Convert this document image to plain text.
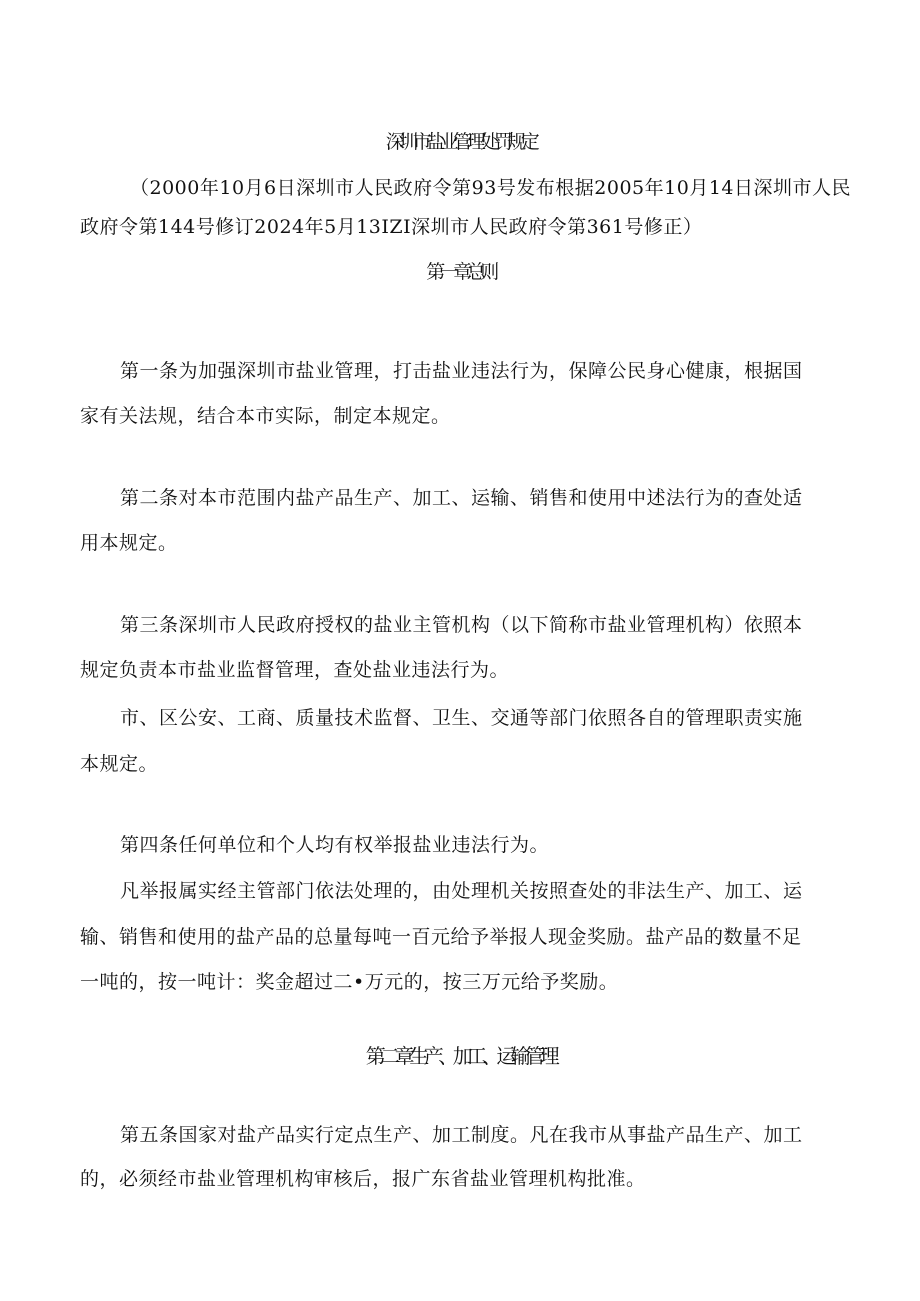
深圳市盐业管理处罚规定
（2000年10月6日深圳市人民政府令第93号发布根据2005年10月14日深圳市人民
政府令第144号修订2024年5月13IZI深圳市人民政府令第361号修正）
第一章总则
第一条为加强深圳市盐业管理，打击盐业违法行为，保障公民身心健康，根据国
家有关法规，结合本市实际，制定本规定。
第二条对本市范围内盐产品生产、加工、运输、销售和使用中述法行为的查处适
用本规定。
第三条深圳市人民政府授权的盐业主管机构（以下简称市盐业管理机构）依照本
规定负责本市盐业监督管理，查处盐业违法行为。
市、区公安、工商、质量技术监督、卫生、交通等部门依照各自的管理职责实施
本规定。
第四条任何单位和个人均有权举报盐业违法行为。
凡举报属实经主管部门依法处理的，由处理机关按照查处的非法生产、加工、运
输、销售和使用的盐产品的总量每吨一百元给予举报人现金奖励。盐产品的数量不足
一吨的，按一吨计：奖金超过二•万元的，按三万元给予奖励。
第二章生产、加工、运输管理
第五条国家对盐产品实行定点生产、加工制度。凡在我市从事盐产品生产、加工
的，必须经市盐业管理机构审核后，报广东省盐业管理机构批准。
